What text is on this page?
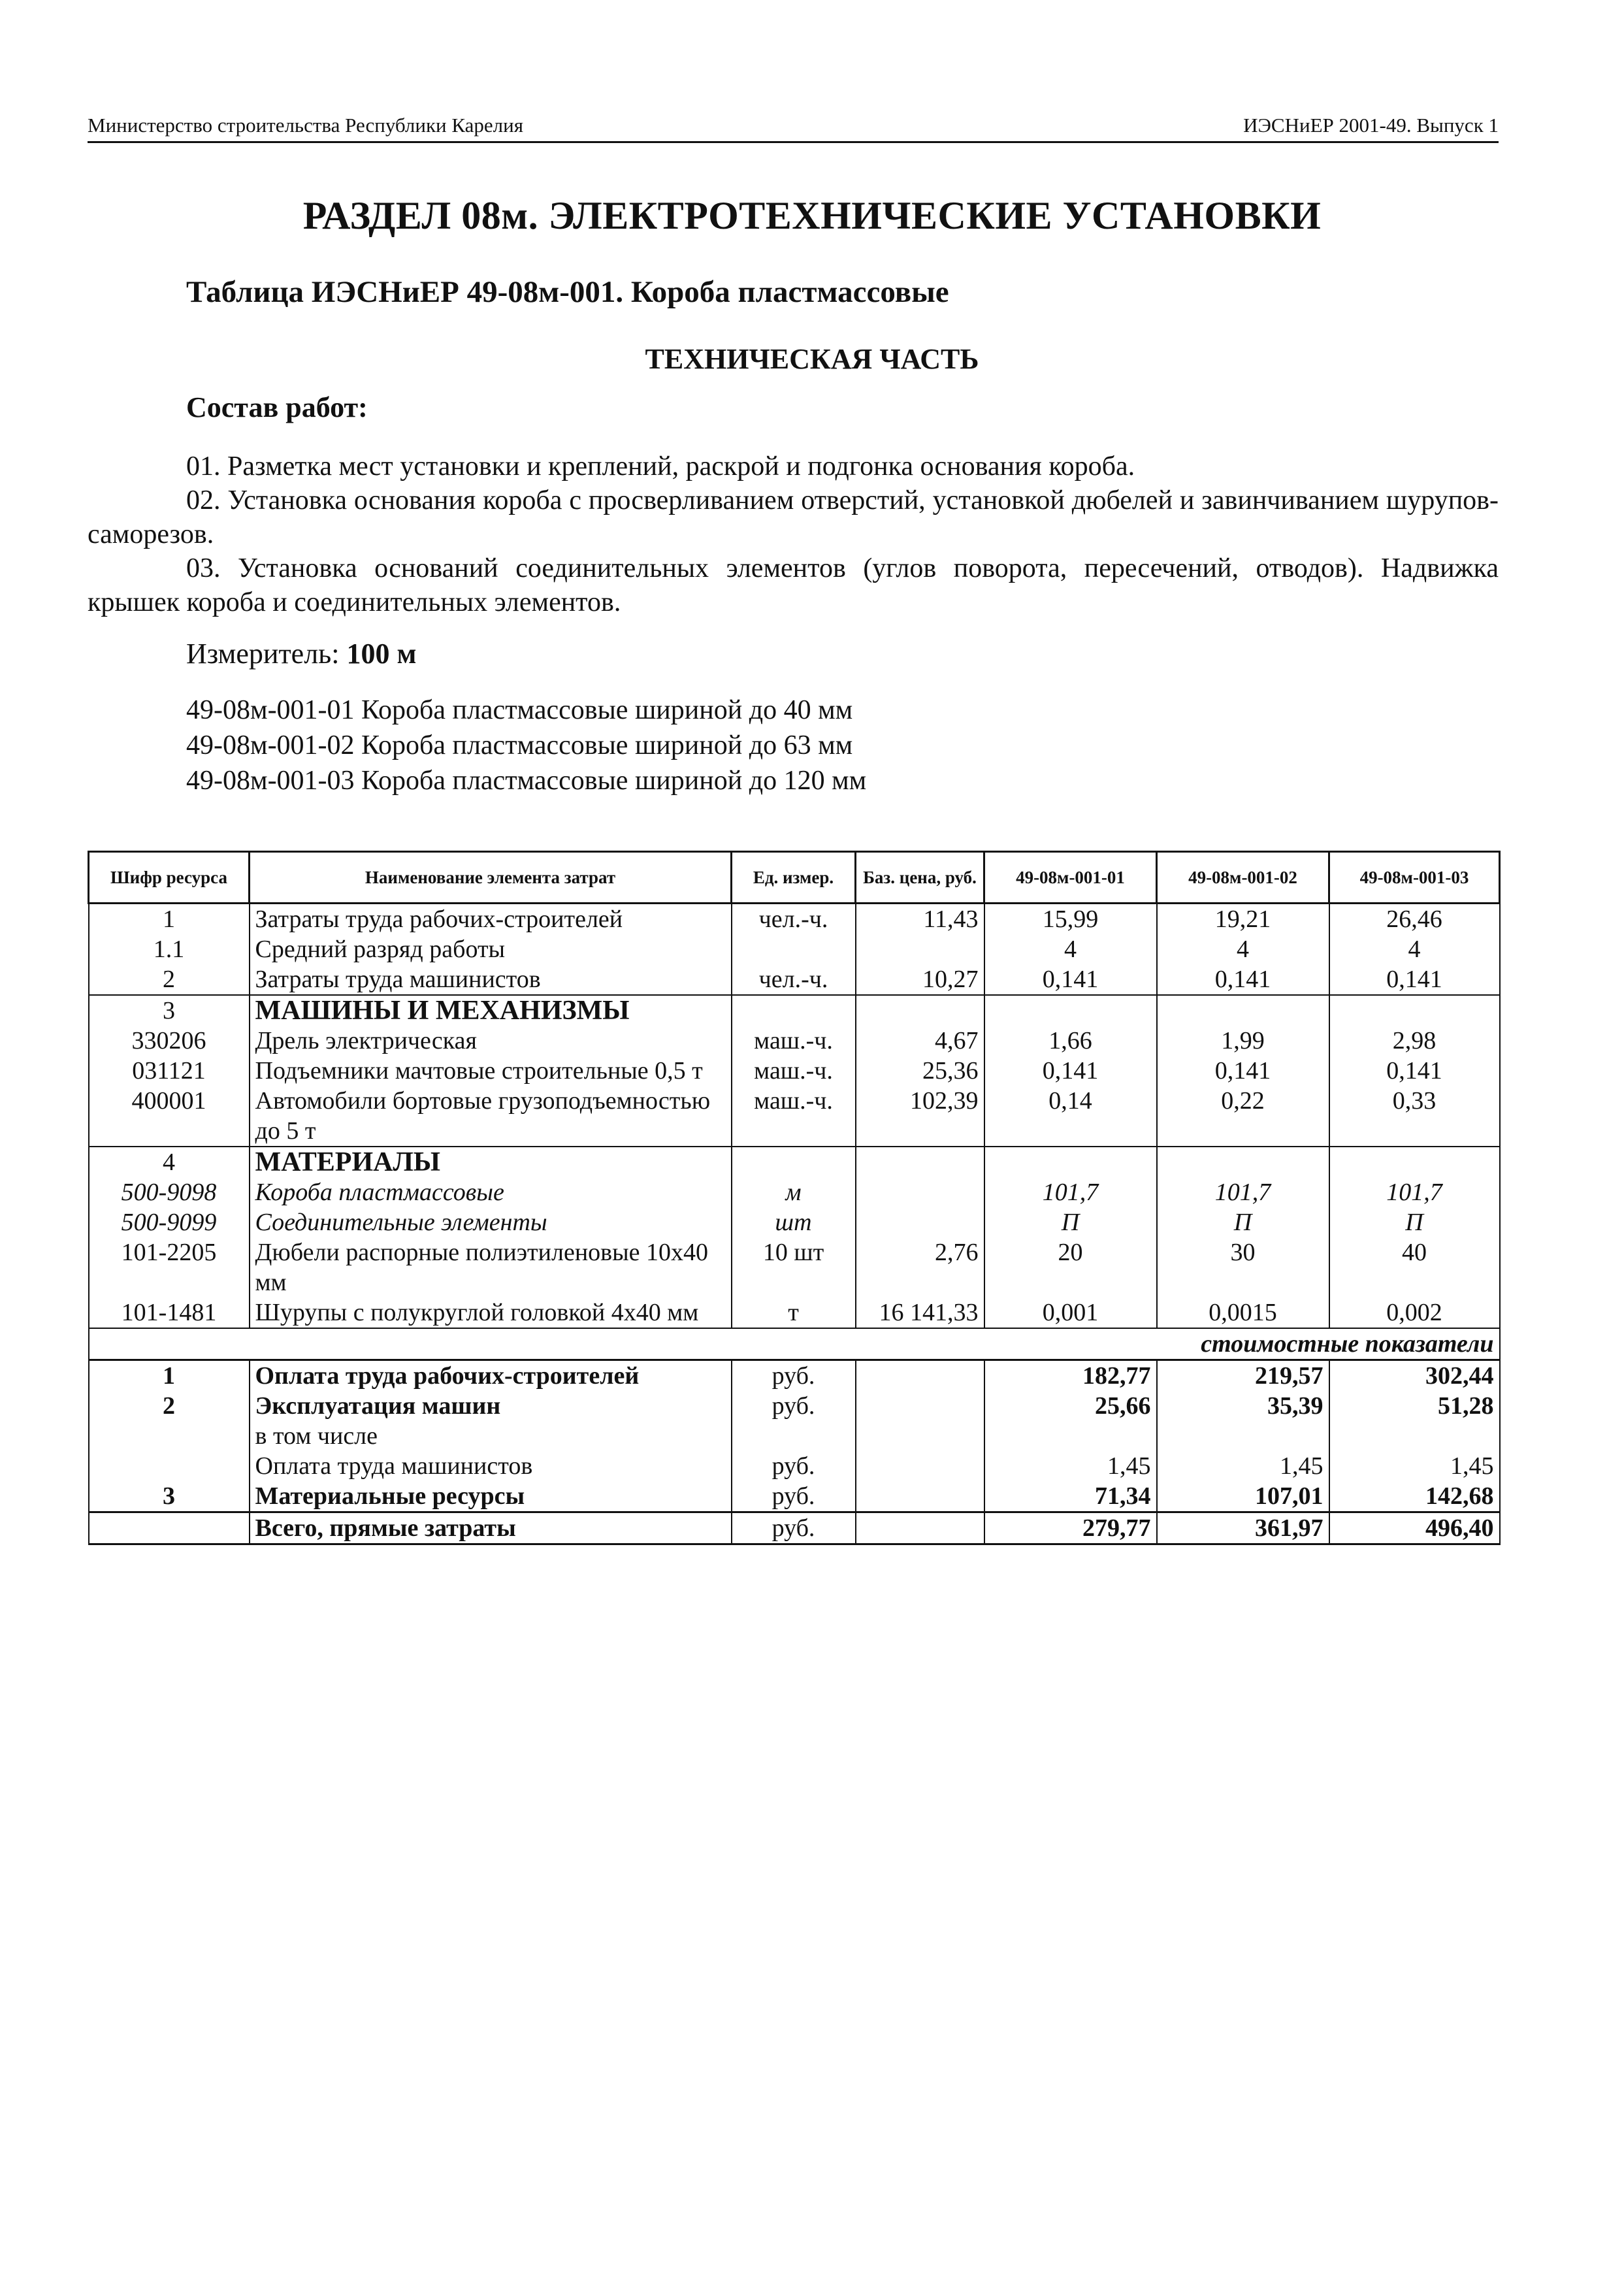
Министерство строительства Республики Карелия	ИЭСНиЕР 2001-49. Выпуск 1
РАЗДЕЛ 08м. ЭЛЕКТРОТЕХНИЧЕСКИЕ УСТАНОВКИ
Таблица ИЭСНиЕР 49-08м-001. Короба пластмассовые
ТЕХНИЧЕСКАЯ ЧАСТЬ
Состав работ:
01. Разметка мест установки и креплений, раскрой и подгонка основания короба.
02. Установка основания короба с просверливанием отверстий, установкой дюбелей и завинчиванием шурупов-саморезов.
03. Установка оснований соединительных элементов (углов поворота, пересечений, отводов). Надвижка крышек короба и соединительных элементов.
Измеритель: 100 м
49-08м-001-01 Короба пластмассовые шириной до 40 мм
49-08м-001-02 Короба пластмассовые шириной до 63 мм
49-08м-001-03 Короба пластмассовые шириной до 120 мм
Шифр ресурса	Наименование элемента затрат	Ед. измер.	Баз. цена, руб.	49-08м-001-01	49-08м-001-02	49-08м-001-03
1	Затраты труда рабочих-строителей	чел.-ч.	11,43	15,99	19,21	26,46
1.1	Средний разряд работы			4	4	4
2	Затраты труда машинистов	чел.-ч.	10,27	0,141	0,141	0,141
3	МАШИНЫ И МЕХАНИЗМЫ					
330206	Дрель электрическая	маш.-ч.	4,67	1,66	1,99	2,98
031121	Подъемники мачтовые строительные 0,5 т	маш.-ч.	25,36	0,141	0,141	0,141
400001	Автомобили бортовые грузоподъемностью до 5 т	маш.-ч.	102,39	0,14	0,22	0,33
4	МАТЕРИАЛЫ					
500-9098	Короба пластмассовые	м		101,7	101,7	101,7
500-9099	Соединительные элементы	шт		П	П	П
101-2205	Дюбели распорные полиэтиленовые 10х40 мм	10 шт	2,76	20	30	40
101-1481	Шурупы с полукруглой головкой 4х40 мм	т	16 141,33	0,001	0,0015	0,002
стоимостные показатели						
1	Оплата труда рабочих-строителей	руб.		182,77	219,57	302,44
2	Эксплуатация машин	руб.		25,66	35,39	51,28
	в том числе					
	Оплата труда машинистов	руб.		1,45	1,45	1,45
3	Материальные ресурсы	руб.		71,34	107,01	142,68
	Всего, прямые затраты	руб.		279,77	361,97	496,40
